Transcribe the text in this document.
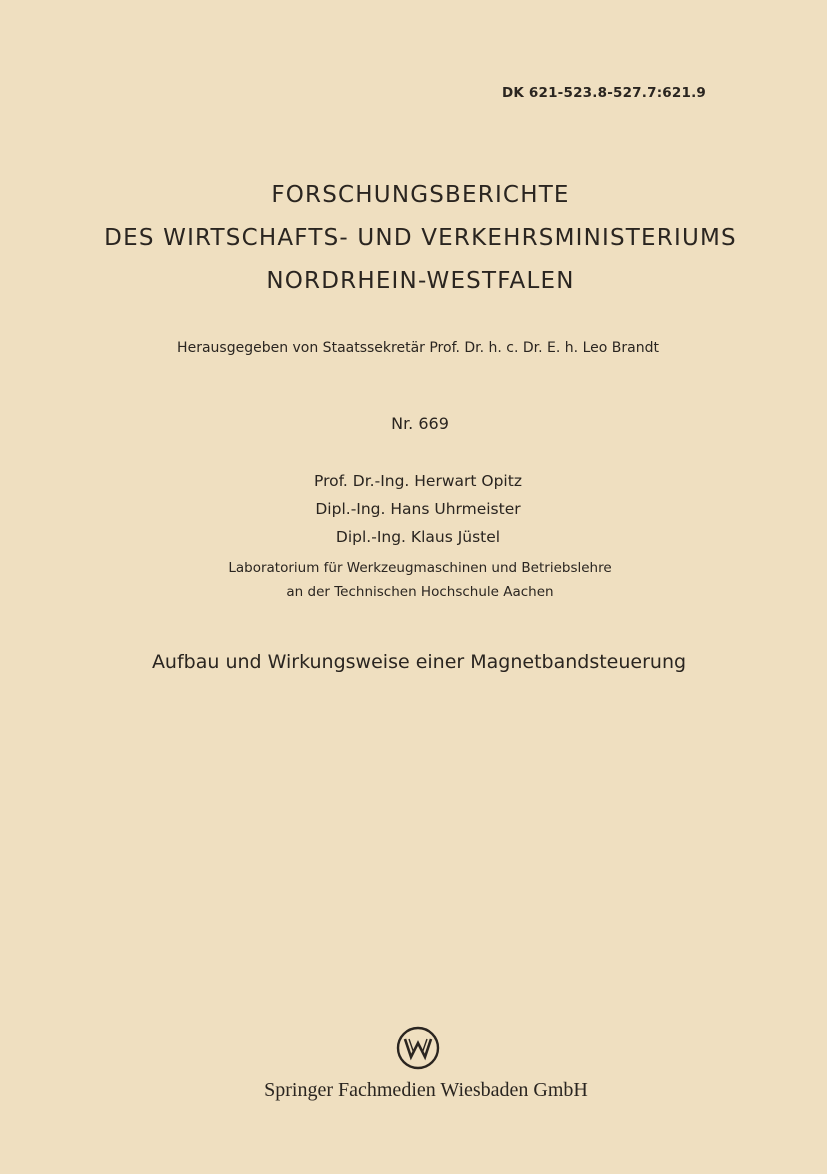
DK 621-523.8-527.7:621.9
FORSCHUNGSBERICHTE
DES WIRTSCHAFTS- UND VERKEHRSMINISTERIUMS
NORDRHEIN-WESTFALEN
Herausgegeben von Staatssekretär Prof. Dr. h. c. Dr. E. h. Leo Brandt
Nr. 669
Prof. Dr.-Ing. Herwart Opitz
Dipl.-Ing. Hans Uhrmeister
Dipl.-Ing. Klaus Jüstel
Laboratorium für Werkzeugmaschinen und Betriebslehre
an der Technischen Hochschule Aachen
Aufbau und Wirkungsweise einer Magnetbandsteuerung
Springer Fachmedien Wiesbaden GmbH
